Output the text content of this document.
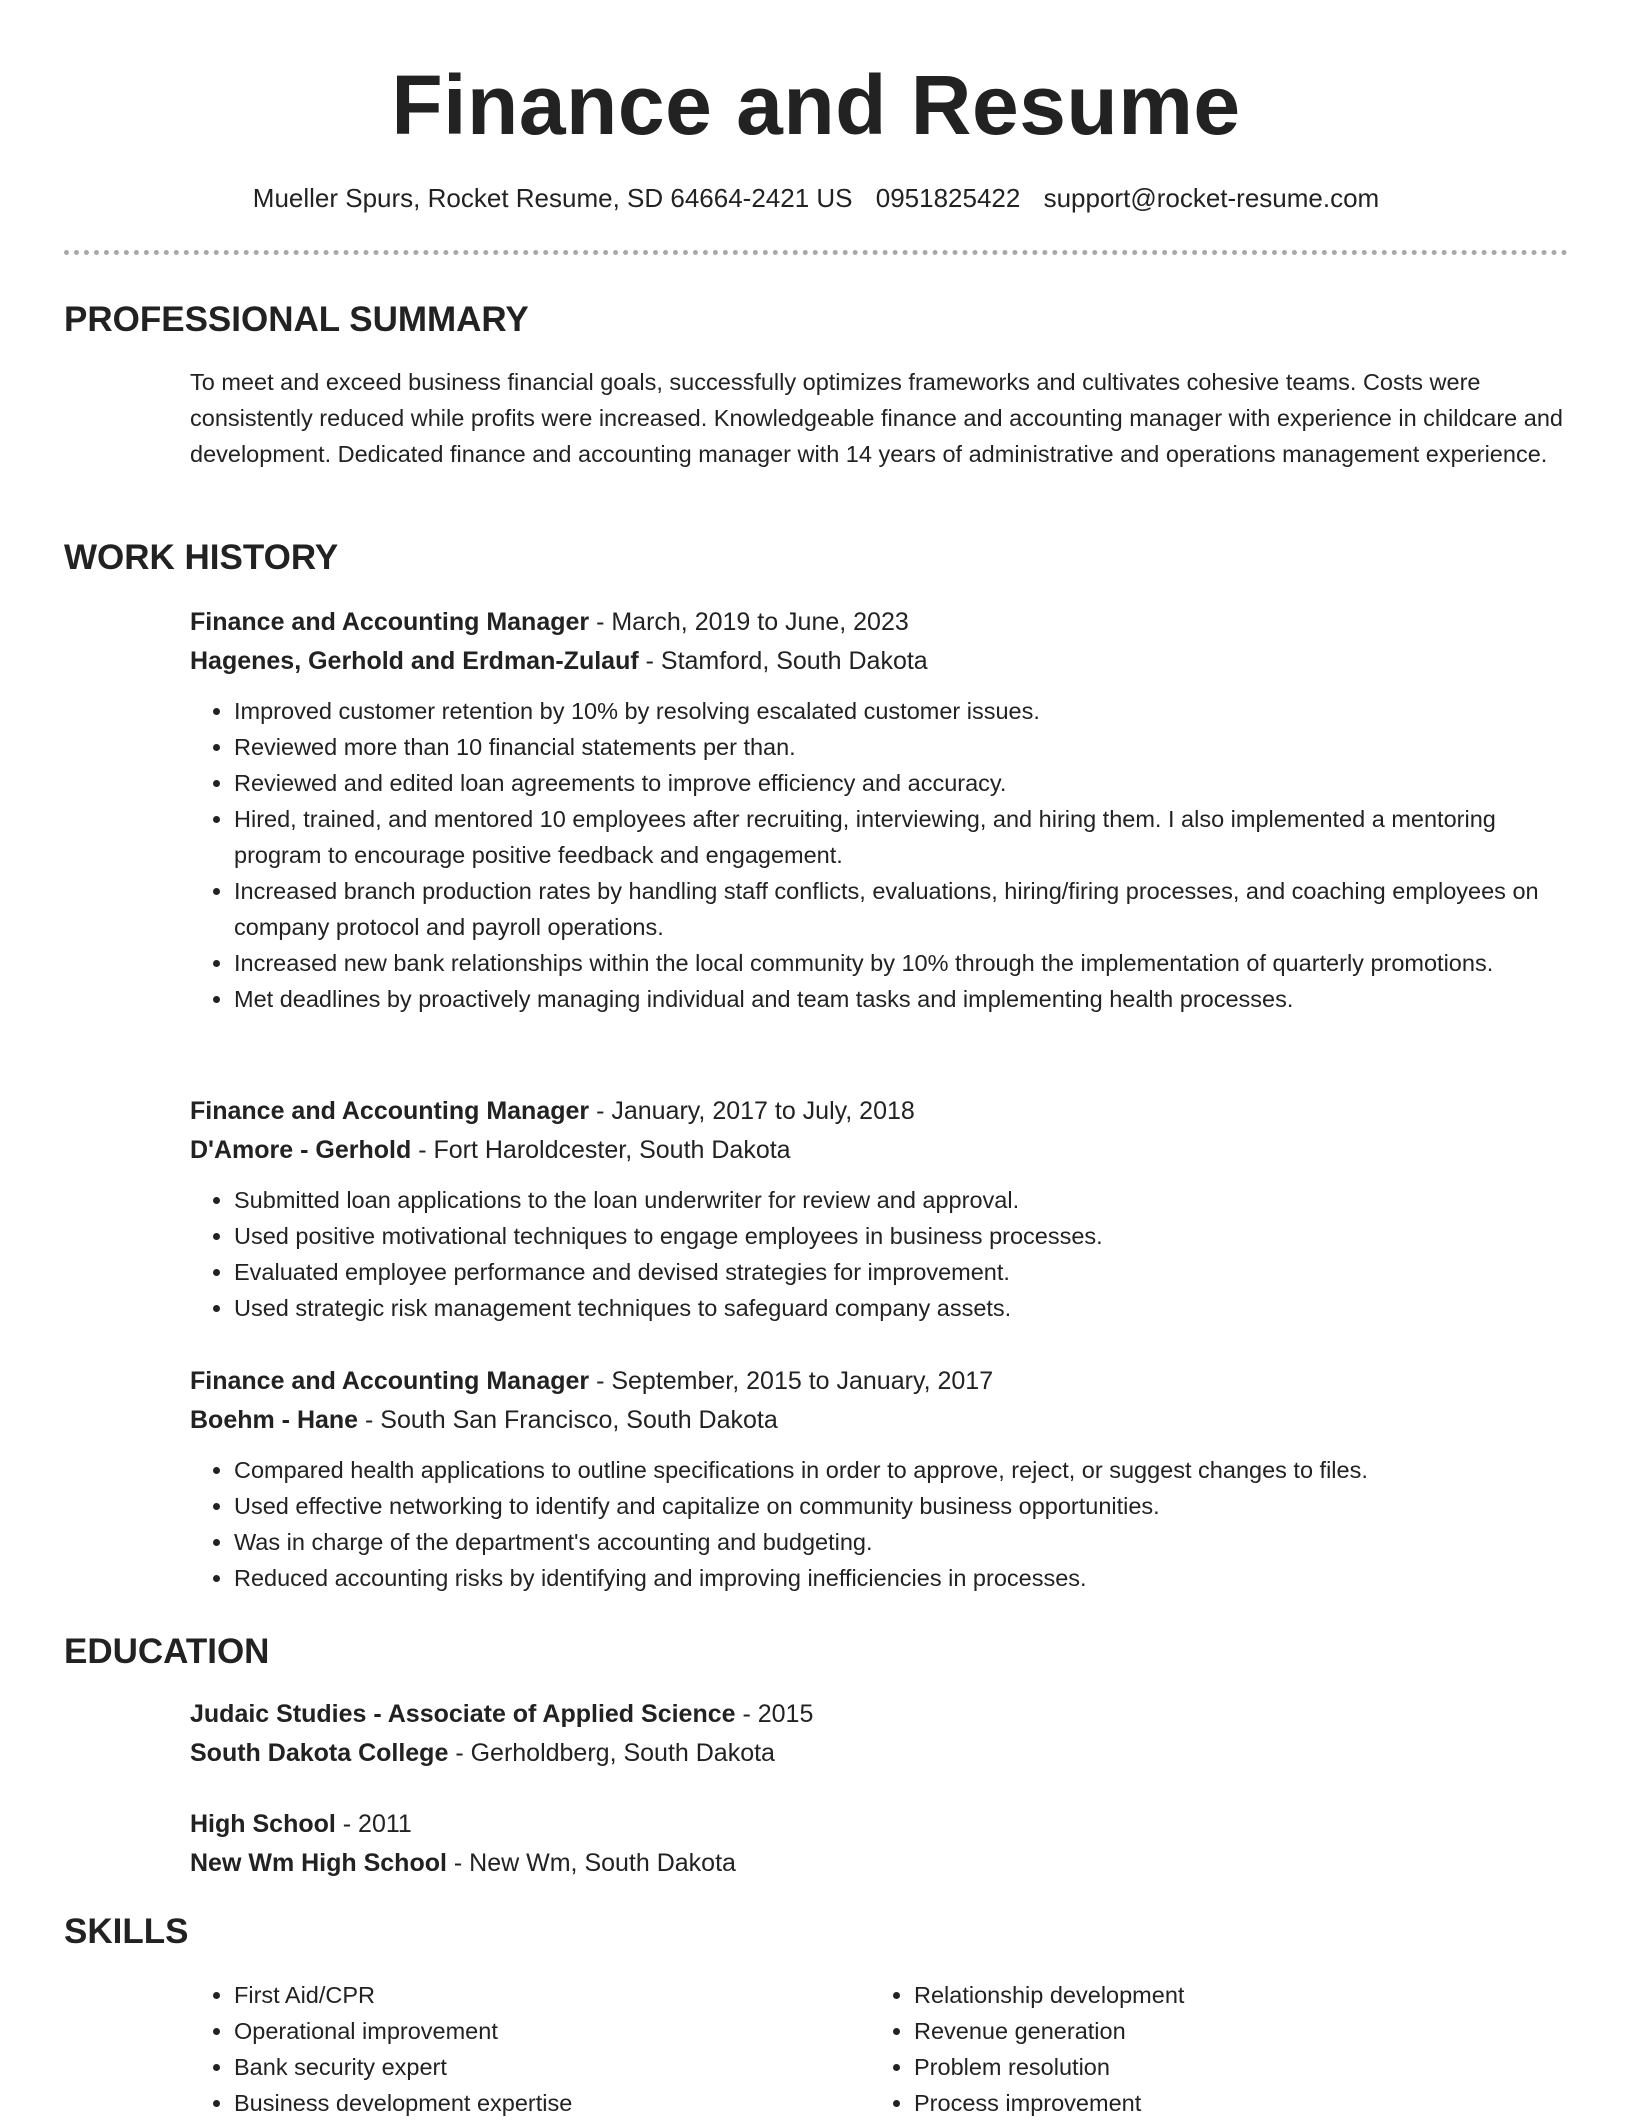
Finance and Resume
Mueller Spurs, Rocket Resume, SD 64664-2421 US 0951825422 support@rocket-resume.com
PROFESSIONAL SUMMARY

To meet and exceed business financial goals, successfully optimizes frameworks and cultivates cohesive teams. Costs were consistently reduced while profits were increased. Knowledgeable finance and accounting manager with experience in childcare and development. Dedicated finance and accounting manager with 14 years of administrative and operations management experience.

WORK HISTORY

Finance and Accounting Manager - March, 2019 to June, 2023

Hagenes, Gerhold and Erdman-Zulauf - Stamford, South Dakota

• Improved customer retention by 10% by resolving escalated customer issues.
• Reviewed more than 10 financial statements per than.
• Reviewed and edited loan agreements to improve efficiency and accuracy.
• Hired, trained, and mentored 10 employees after recruiting, interviewing, and hiring them. I also implemented a mentoring program to encourage positive feedback and engagement.
• Increased branch production rates by handling staff conflicts, evaluations, hiring/firing processes, and coaching employees on company protocol and payroll operations.
• Increased new bank relationships within the local community by 10% through the implementation of quarterly promotions.
• Met deadlines by proactively managing individual and team tasks and implementing health processes.

Finance and Accounting Manager - January, 2017 to July, 2018

D'Amore - Gerhold - Fort Haroldcester, South Dakota

• Submitted loan applications to the loan underwriter for review and approval.
• Used positive motivational techniques to engage employees in business processes.
• Evaluated employee performance and devised strategies for improvement.
• Used strategic risk management techniques to safeguard company assets.

Finance and Accounting Manager - September, 2015 to January, 2017

Boehm - Hane - South San Francisco, South Dakota

• Compared health applications to outline specifications in order to approve, reject, or suggest changes to files.
• Used effective networking to identify and capitalize on community business opportunities.
• Was in charge of the department's accounting and budgeting.
• Reduced accounting risks by identifying and improving inefficiencies in processes.
EDUCATION

Judaic Studies - Associate of Applied Science - 2015

South Dakota College - Gerholdberg, South Dakota

High School - 2011

New Wm High School - New Wm, South Dakota

SKILLS
• First Aid/CPR
• Operational improvement
• Bank security expert
• Business development expertise
• Relationship development
• Revenue generation
• Problem resolution
• Process improvement
